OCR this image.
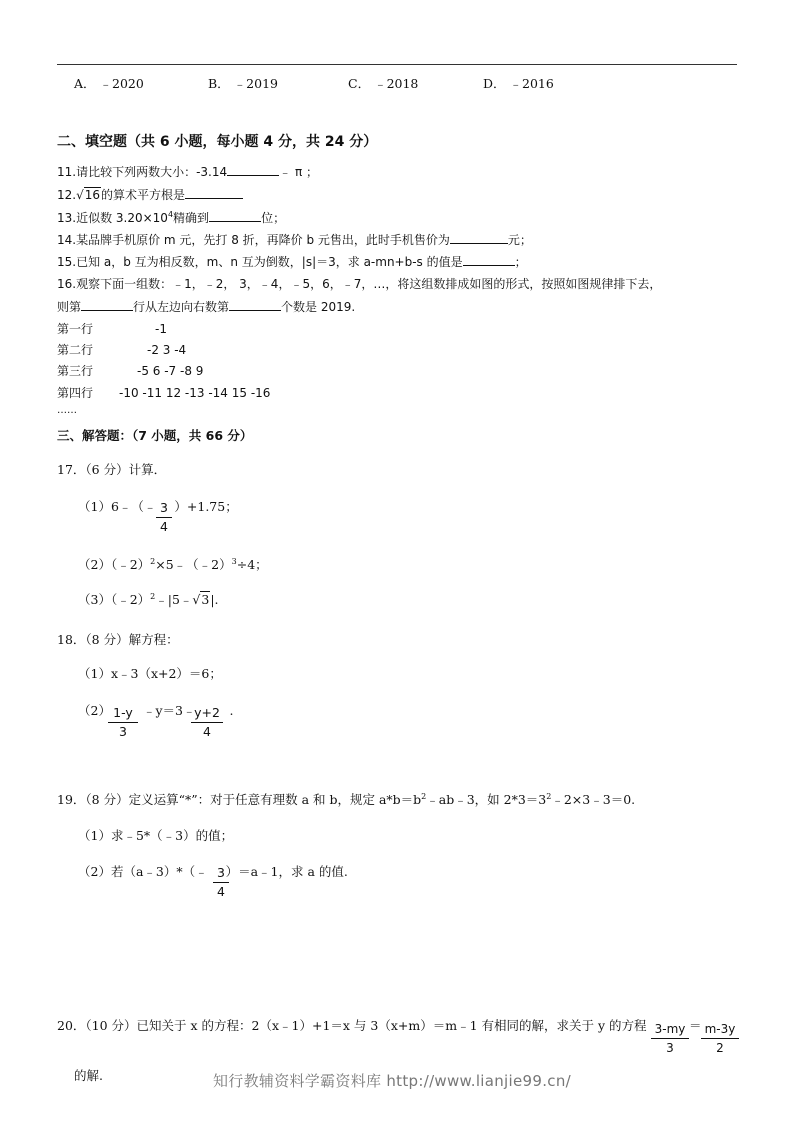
A． ﹣2020	B． ﹣2019	C． ﹣2018	D． ﹣2016
二、填空题（共 6 小题，每小题 4 分，共 24 分）
11.请比较下列两数大小：-3.14	﹣ π ；
12.√16的算术平方根是
13.近似数 $3.20\times 10^4$精确到	位；
14.某品牌手机原价 m 元，先打 8 折，再降价 b 元售出，此时手机售价为	元；
15.已知 a，b 互为相反数，m、n 互为倒数，|s|＝3，求 a-mn+b-s 的值是	；
16.观察下面一组数：﹣1，﹣2， 3，﹣4，﹣5，6，﹣7，…，将这组数排成如图的形式，按照如图规律排下去，
则第	行从左边向右数第	个数是 2019.
第一行	-1
第二行	-2 3 -4
第三行	-5 6 -7 -8 9
第四行 -10 -11 12 -13 -14 15 -16
……
三、解答题：（7 小题，共 66 分）
17．（6 分）计算．
（1）6﹣（﹣ ）+1.75；
$\frac{3}{4}$
（2）（﹣2）$^2$×5﹣（﹣2）$^3$÷4；
（3）（﹣2）$^2$﹣|5﹣√3|.
18．（8 分）解方程：
（1）x﹣3（x+2）＝6；
（2）	﹣y＝3﹣	.
$\frac{1-y}{3}$	$\frac{y+2}{4}$
19．（8 分）定义运算“*”：对于任意有理数 a 和 b，规定 $a*b=b^2﹣ab﹣3$，如 $2*3=3^2﹣2\times 3﹣3=0$.
（1）求﹣5*（﹣3）的值；
（2）若（a﹣3）*（﹣ ）＝a﹣1，求 a 的值.
$\frac{3}{4}$
20．（10 分）已知关于 x 的方程：2（x﹣1）+1＝x 与 3（x+m）＝m﹣1 有相同的解，求关于 y 的方程 $\frac{3-my}{3} = \frac{m-3y}{2}$
的解.	知行教辅资料学霸资料库 http://www.lianjie99.cn/
